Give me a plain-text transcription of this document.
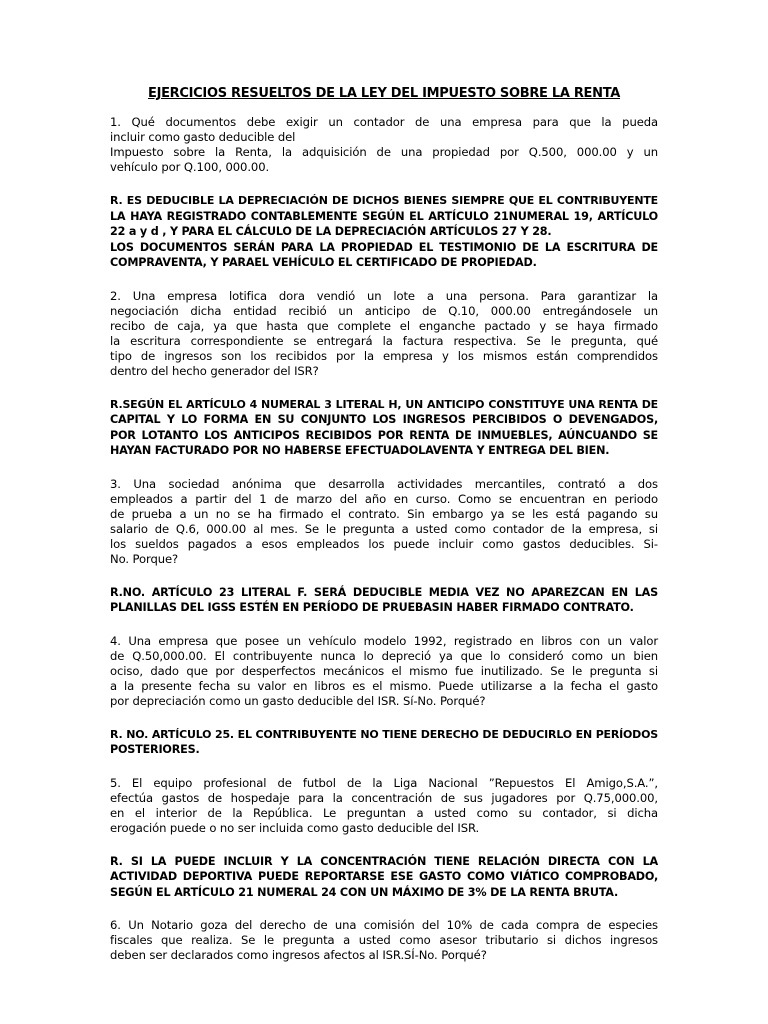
EJERCICIOS RESUELTOS DE LA LEY DEL IMPUESTO SOBRE LA RENTA
1. Qué documentos debe exigir un contador de una empresa para que la pueda
incluir como gasto deducible del
Impuesto sobre la Renta, la adquisición de una propiedad por Q.500, 000.00 y un
vehículo por Q.100, 000.00.
R. ES DEDUCIBLE LA DEPRECIACIÓN DE DICHOS BIENES SIEMPRE QUE EL CONTRIBUYENTE
LA HAYA REGISTRADO CONTABLEMENTE SEGÚN EL ARTÍCULO 21NUMERAL 19, ARTÍCULO
22 a y d , Y PARA EL CÁLCULO DE LA DEPRECIACIÓN ARTÍCULOS 27 Y 28.
LOS DOCUMENTOS SERÁN PARA LA PROPIEDAD EL TESTIMONIO DE LA ESCRITURA DE
COMPRAVENTA, Y PARAEL VEHÍCULO EL CERTIFICADO DE PROPIEDAD.
2. Una empresa lotifica dora vendió un lote a una persona. Para garantizar la
negociación dicha entidad recibió un anticipo de Q.10, 000.00 entregándosele un
recibo de caja, ya que hasta que complete el enganche pactado y se haya firmado
la escritura correspondiente se entregará la factura respectiva. Se le pregunta, qué
tipo de ingresos son los recibidos por la empresa y los mismos están comprendidos
dentro del hecho generador del ISR?
R.SEGÚN EL ARTÍCULO 4 NUMERAL 3 LITERAL H, UN ANTICIPO CONSTITUYE UNA RENTA DE
CAPITAL Y LO FORMA EN SU CONJUNTO LOS INGRESOS PERCIBIDOS O DEVENGADOS,
POR LOTANTO LOS ANTICIPOS RECIBIDOS POR RENTA DE INMUEBLES, AÚNCUANDO SE
HAYAN FACTURADO POR NO HABERSE EFECTUADOLAVENTA Y ENTREGA DEL BIEN.
3. Una sociedad anónima que desarrolla actividades mercantiles, contrató a dos
empleados a partir del 1 de marzo del año en curso. Como se encuentran en periodo
de prueba a un no se ha firmado el contrato. Sin embargo ya se les está pagando su
salario de Q.6, 000.00 al mes. Se le pregunta a usted como contador de la empresa, si
los sueldos pagados a esos empleados los puede incluir como gastos deducibles. Si-
No. Porque?
R.NO. ARTÍCULO 23 LITERAL F. SERÁ DEDUCIBLE MEDIA VEZ NO APAREZCAN EN LAS
PLANILLAS DEL IGSS ESTÉN EN PERÍODO DE PRUEBASIN HABER FIRMADO CONTRATO.
4. Una empresa que posee un vehículo modelo 1992, registrado en libros con un valor
de Q.50,000.00. El contribuyente nunca lo depreció ya que lo consideró como un bien
ociso, dado que por desperfectos mecánicos el mismo fue inutilizado. Se le pregunta si
a la presente fecha su valor en libros es el mismo. Puede utilizarse a la fecha el gasto
por depreciación como un gasto deducible del ISR. Sí-No. Porqué?
R. NO. ARTÍCULO 25. EL CONTRIBUYENTE NO TIENE DERECHO DE DEDUCIRLO EN PERÍODOS
POSTERIORES.
5. El equipo profesional de futbol de la Liga Nacional ”Repuestos El Amigo,S.A.”,
efectúa gastos de hospedaje para la concentración de sus jugadores por Q.75,000.00,
en el interior de la República. Le preguntan a usted como su contador, si dicha
erogación puede o no ser incluida como gasto deducible del ISR.
R. SI LA PUEDE INCLUIR Y LA CONCENTRACIÓN TIENE RELACIÓN DIRECTA CON LA
ACTIVIDAD DEPORTIVA PUEDE REPORTARSE ESE GASTO COMO VIÁTICO COMPROBADO,
SEGÚN EL ARTÍCULO 21 NUMERAL 24 CON UN MÁXIMO DE 3% DE LA RENTA BRUTA.
6. Un Notario goza del derecho de una comisión del 10% de cada compra de especies
fiscales que realiza. Se le pregunta a usted como asesor tributario si dichos ingresos
deben ser declarados como ingresos afectos al ISR.SÍ-No. Porqué?
